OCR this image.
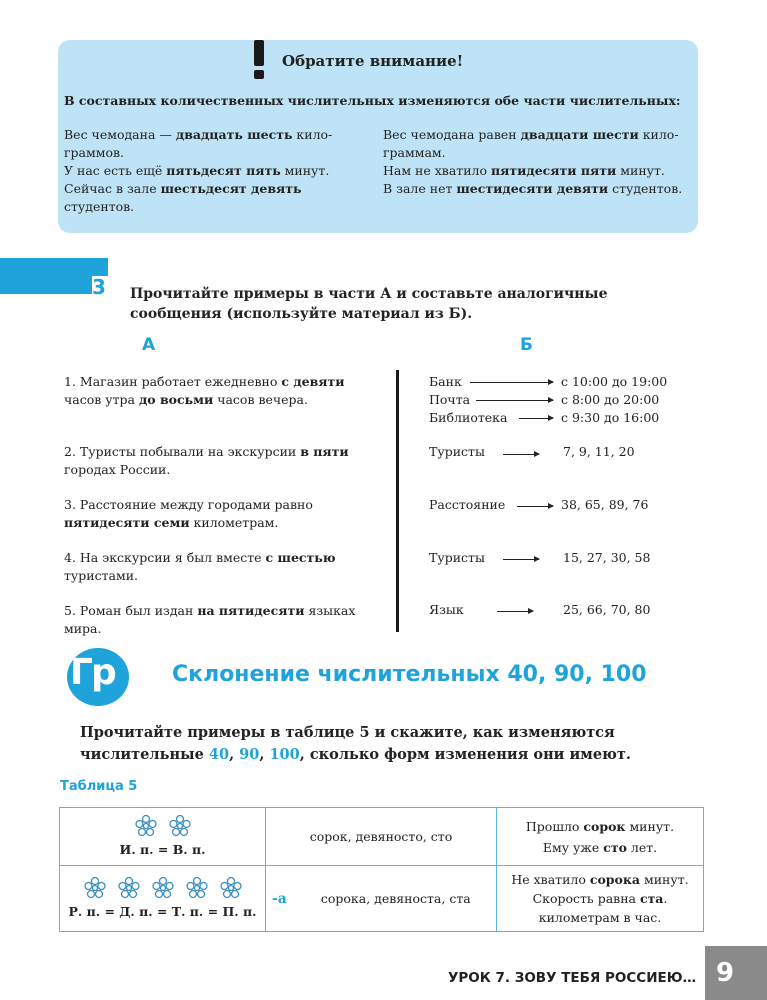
Обратите внимание!
В составных количественных числительных изменяются обе части числительных:

Вес чемодана — двадцать шесть кило-граммов.

У нас есть ещё пятьдесят пять минут.

Сейчас в зале шестьдесят девять студентов.

Вес чемодана равен двадцати шести кило-граммам.

Нам не хватило пятидесяти пяти минут.

В зале нет шестидесяти девяти студентов.

3	Прочитайте примеры в части А и составьте аналогичные сообщения (используйте материал из Б).
А	Б
1. Магазин работает ежедневно с девяти часов утра до восьми часов вечера.
2. Туристы побывали на экскурсии в пяти городах России.
3. Расстояние между городами равно пятидесяти семи километрам.
4. На экскурсии я был вместе с шестью туристами.
5. Роман был издан на пятидесяти языках мира.
Банк	с 10:00 до 19:00
Почта	с 8:00 до 20:00
Библиотека	с 9:30 до 16:00
Туристы	7, 9, 11, 20
Расстояние	38, 65, 89, 76
Туристы	15, 27, 30, 58
Язык	25, 66, 70, 80
Гр	Склонение числительных 40, 90, 100
Прочитайте примеры в таблице 5 и скажите, как изменяются числительные 40, 90, 100, сколько форм изменения они имеют.
Таблица 5
И. п. = В. п.	сорок, девяносто, сто	Прошло сорок минут.
Ему уже сто лет.

Р. п. = Д. п. = Т. п. = П. п.	-а сорока, девяноста, ста	Не хватило сорока минут.
Скорость равна ста. километрам в час.
УРОК 7. ЗОВУ ТЕБЯ РОССИЕЮ… 9
